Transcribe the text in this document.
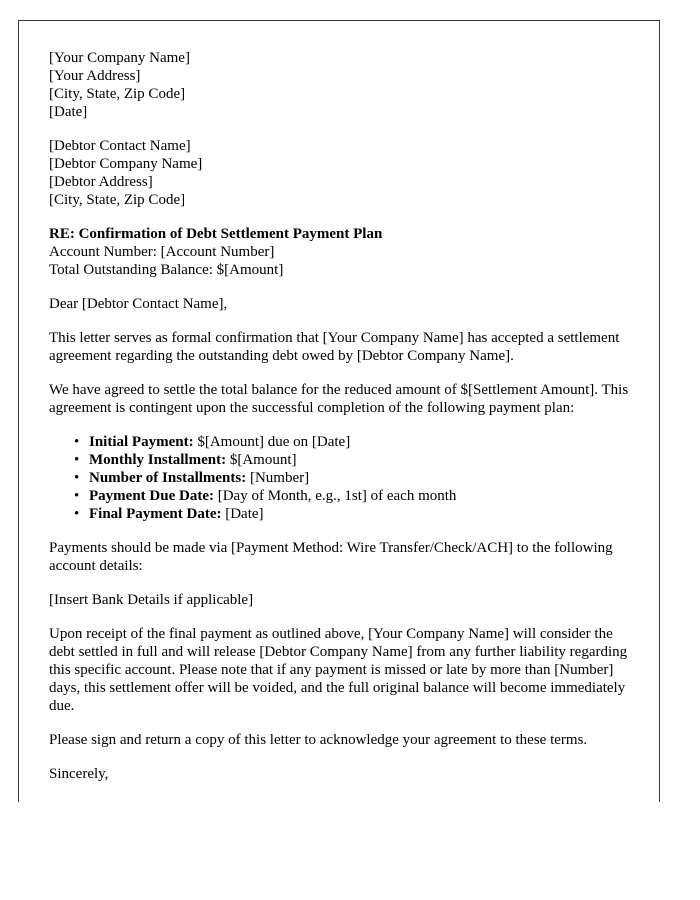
[Your Company Name]
[Your Address]
[City, State, Zip Code]
[Date]
[Debtor Contact Name]
[Debtor Company Name]
[Debtor Address]
[City, State, Zip Code]
RE: Confirmation of Debt Settlement Payment Plan
Account Number: [Account Number]
Total Outstanding Balance: $[Amount]

Dear [Debtor Contact Name],

This letter serves as formal confirmation that [Your Company Name] has accepted a settlement agreement regarding the outstanding debt owed by [Debtor Company Name].

We have agreed to settle the total balance for the reduced amount of $[Settlement Amount]. This agreement is contingent upon the successful completion of the following payment plan:

• Initial Payment: $[Amount] due on [Date]
• Monthly Installment: $[Amount]
• Number of Installments: [Number]
• Payment Due Date: [Day of Month, e.g., 1st] of each month
• Final Payment Date: [Date]

Payments should be made via [Payment Method: Wire Transfer/Check/ACH] to the following account details:

[Insert Bank Details if applicable]

Upon receipt of the final payment as outlined above, [Your Company Name] will consider the debt settled in full and will release [Debtor Company Name] from any further liability regarding this specific account. Please note that if any payment is missed or late by more than [Number] days, this settlement offer will be voided, and the full original balance will become immediately due.

Please sign and return a copy of this letter to acknowledge your agreement to these terms.

Sincerely,
